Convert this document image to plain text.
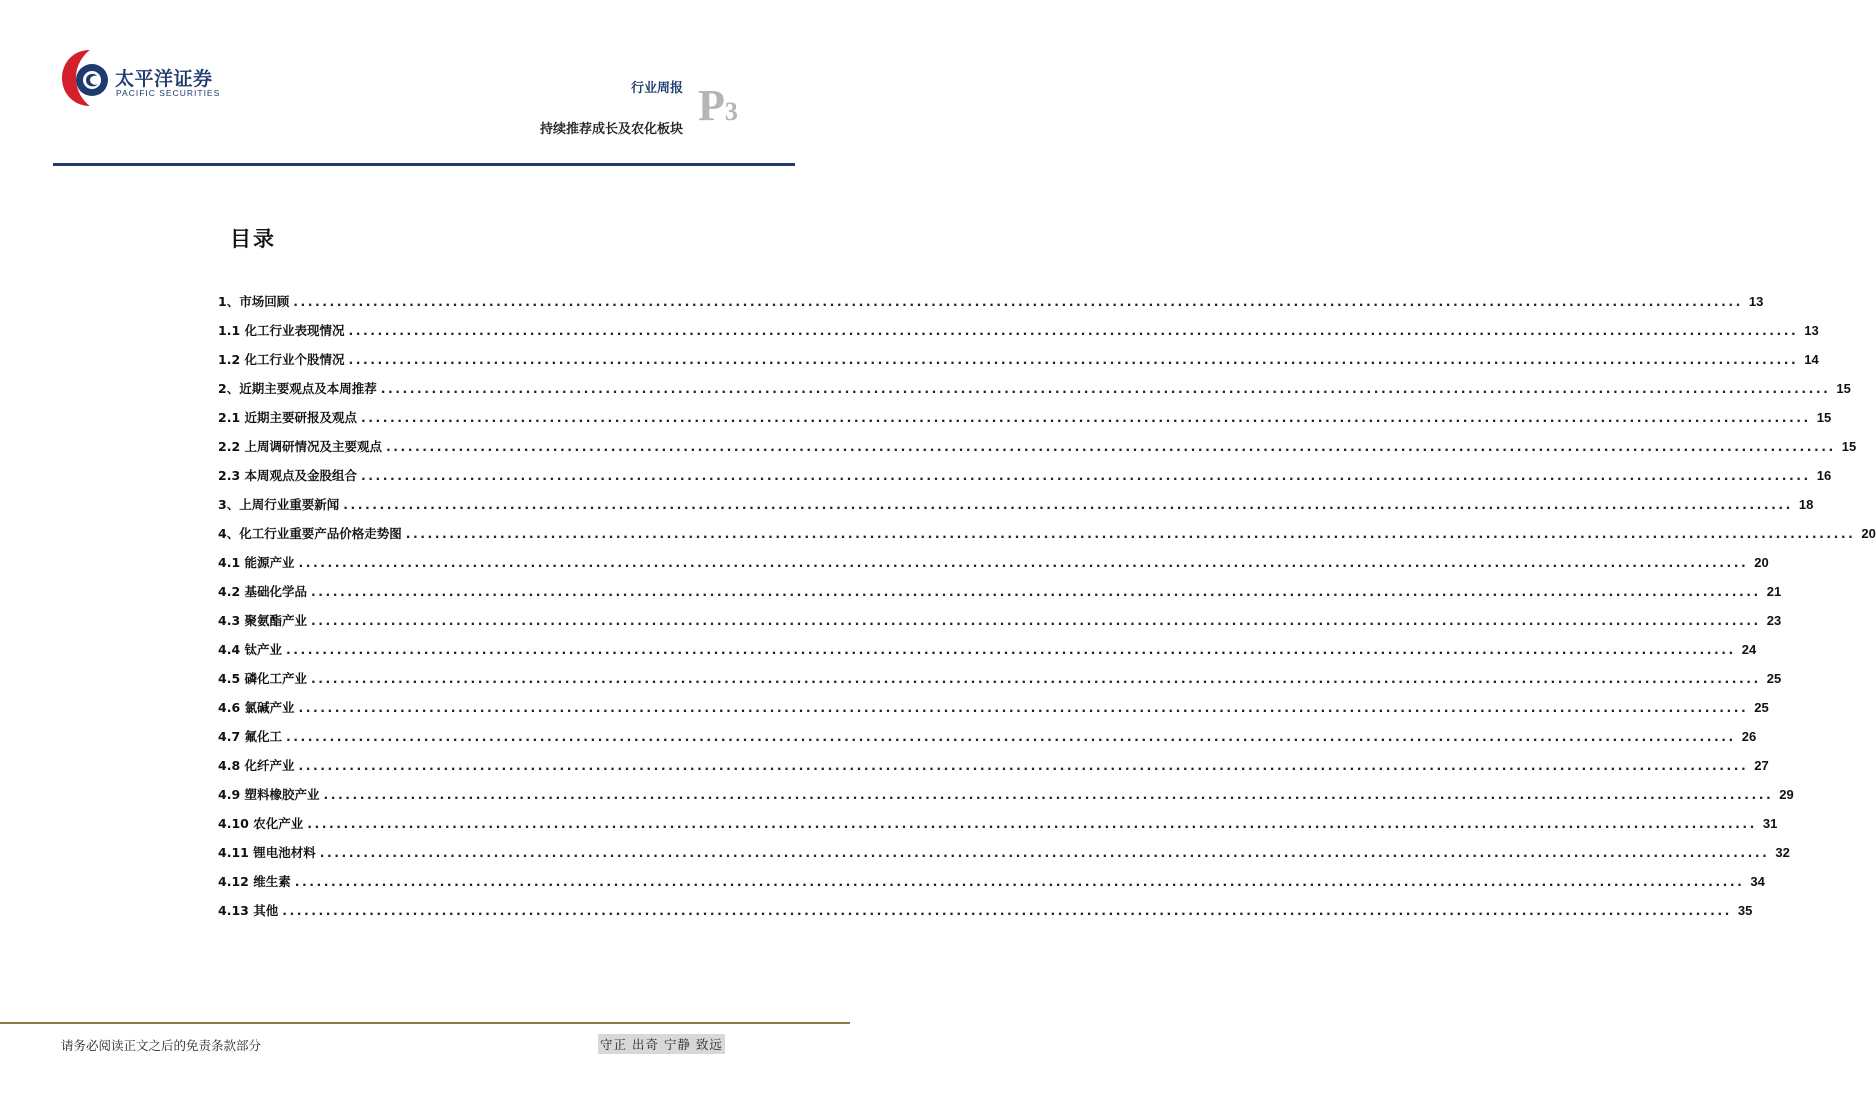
太平洋证券
PACIFIC SECURITIES	行业周报
持续推荐成长及农化板块 P3
目录
1、市场回顾 ........................................................................................................................................................................................................ 13
1.1 化工行业表现情况 ........................................................................................................................................................................................................ 13
1.2 化工行业个股情况 ........................................................................................................................................................................................................ 14
2、近期主要观点及本周推荐 ........................................................................................................................................................................................................ 15
2.1 近期主要研报及观点 ........................................................................................................................................................................................................ 15
2.2 上周调研情况及主要观点 ........................................................................................................................................................................................................ 15
2.3 本周观点及金股组合 ........................................................................................................................................................................................................ 16
3、上周行业重要新闻 ........................................................................................................................................................................................................ 18
4、化工行业重要产品价格走势图 ........................................................................................................................................................................................................ 20
4.1 能源产业 ........................................................................................................................................................................................................ 20
4.2 基础化学品 ........................................................................................................................................................................................................ 21
4.3 聚氨酯产业 ........................................................................................................................................................................................................ 23
4.4 钛产业 ........................................................................................................................................................................................................ 24
4.5 磷化工产业 ........................................................................................................................................................................................................ 25
4.6 氯碱产业 ........................................................................................................................................................................................................ 25
4.7 氟化工 ........................................................................................................................................................................................................ 26
4.8 化纤产业 ........................................................................................................................................................................................................ 27
4.9 塑料橡胶产业 ........................................................................................................................................................................................................ 29
4.10 农化产业 ........................................................................................................................................................................................................ 31
4.11 锂电池材料 ........................................................................................................................................................................................................ 32
4.12 维生素 ........................................................................................................................................................................................................ 34
4.13 其他 ........................................................................................................................................................................................................ 35
请务必阅读正文之后的免责条款部分	守正 出奇 宁静 致远
